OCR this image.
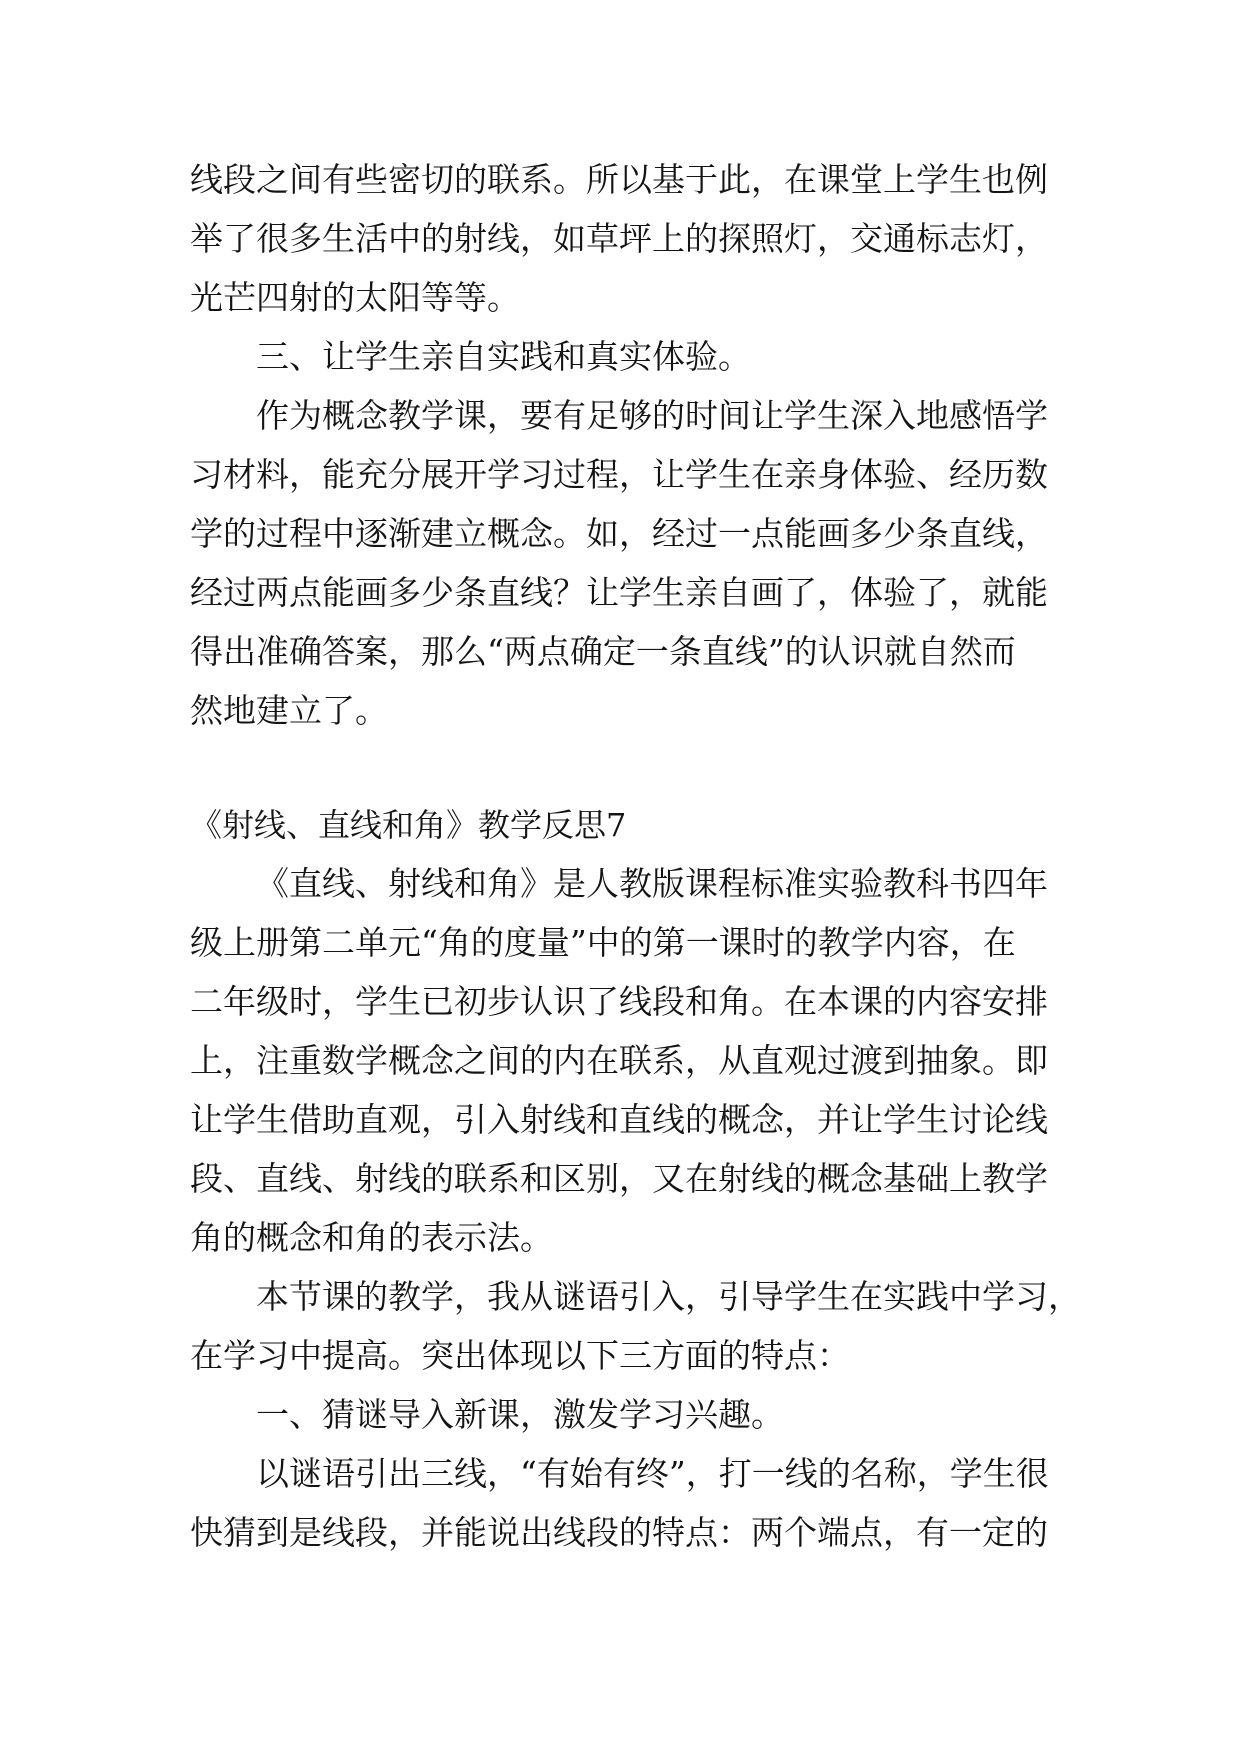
线段之间有些密切的联系。所以基于此，在课堂上学生也例

举了很多生活中的射线，如草坪上的探照灯，交通标志灯，

光芒四射的太阳等等。

三、让学生亲自实践和真实体验。

作为概念教学课，要有足够的时间让学生深入地感悟学

习材料，能充分展开学习过程，让学生在亲身体验、经历数

学的过程中逐渐建立概念。如，经过一点能画多少条直线，

经过两点能画多少条直线？让学生亲自画了，体验了，就能

得出准确答案，那么“两点确定一条直线”的认识就自然而

然地建立了。

《射线、直线和角》教学反思7

《直线、射线和角》是人教版课程标准实验教科书四年

级上册第二单元“角的度量”中的第一课时的教学内容，在

二年级时，学生已初步认识了线段和角。在本课的内容安排

上，注重数学概念之间的内在联系，从直观过渡到抽象。即

让学生借助直观，引入射线和直线的概念，并让学生讨论线

段、直线、射线的联系和区别，又在射线的概念基础上教学

角的概念和角的表示法。

本节课的教学，我从谜语引入，引导学生在实践中学习，

在学习中提高。突出体现以下三方面的特点：

一、猜谜导入新课，激发学习兴趣。

以谜语引出三线，“有始有终”，打一线的名称，学生很

快猜到是线段，并能说出线段的特点：两个端点，有一定的
